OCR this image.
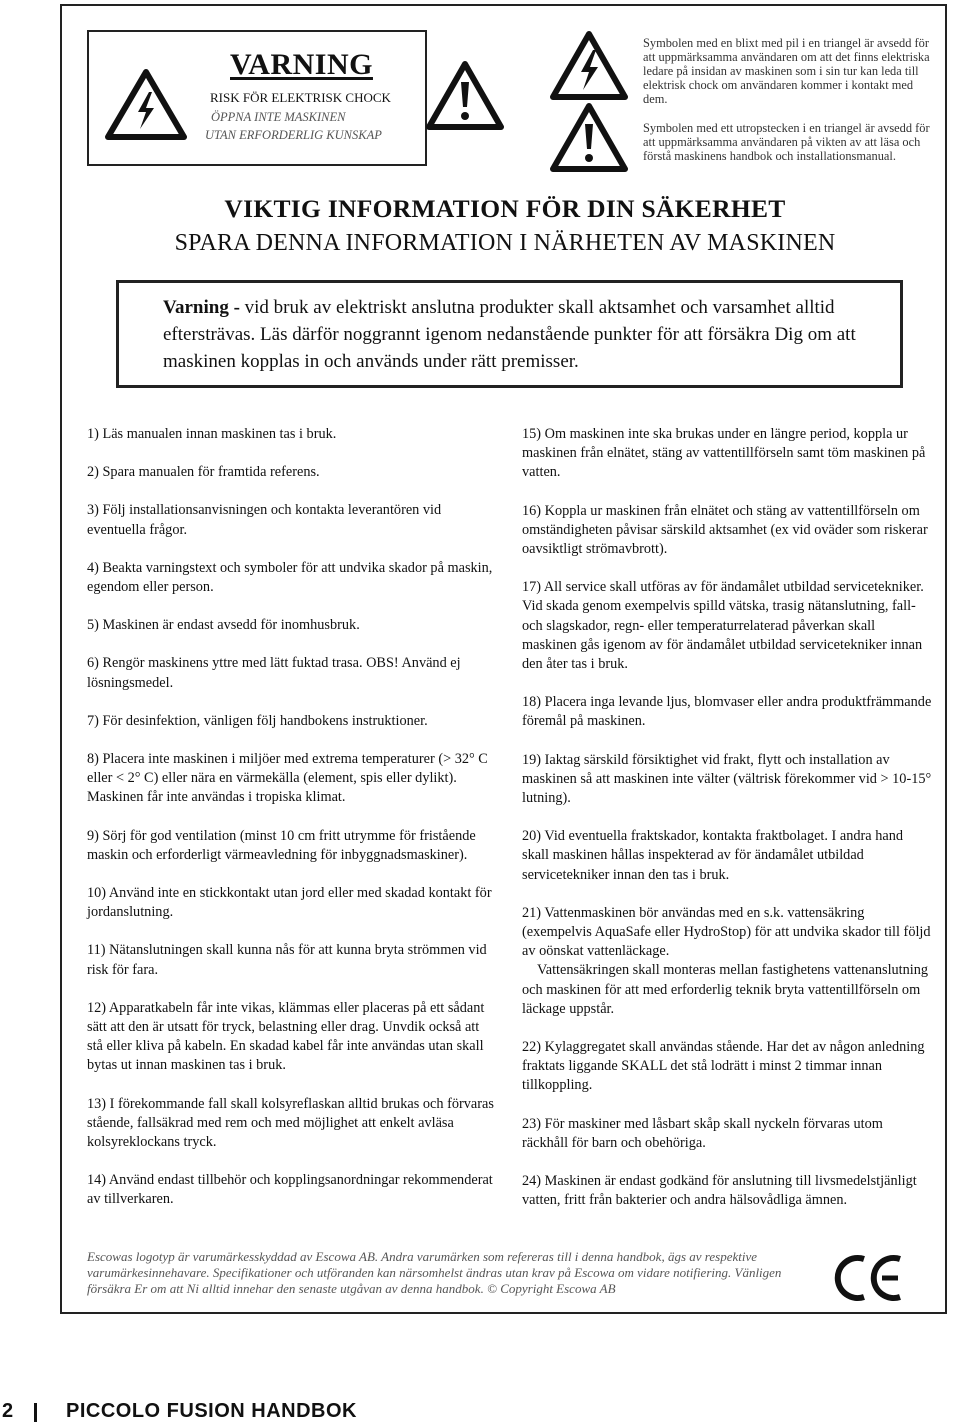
VARNING
RISK FÖR ELEKTRISK CHOCK
ÖPPNA INTE MASKINEN
UTAN ERFORDERLIG KUNSKAP
Symbolen med en blixt med pil i en triangel är avsedd för att uppmärksamma användaren om att det finns elektriska ledare på insidan av maskinen som i sin tur kan leda till elektrisk chock om användaren kommer i kontakt med dem.
Symbolen med ett utropstecken i en triangel är avsedd för att uppmärksamma användaren på vikten av att läsa och förstå maskinens handbok och installationsmanual.
VIKTIG INFORMATION FÖR DIN SÄKERHET
SPARA DENNA INFORMATION I NÄRHETEN AV MASKINEN
Varning - vid bruk av elektriskt anslutna produkter skall aktsamhet och varsamhet alltid eftersträvas. Läs därför noggrannt igenom nedanstående punkter för att försäkra Dig om att maskinen kopplas in och används under rätt premisser.

1) Läs manualen innan maskinen tas i bruk.

2) Spara manualen för framtida referens.

3) Följ installationsanvisningen och kontakta leverantören vid eventuella frågor.

4) Beakta varningstext och symboler för att undvika skador på maskin, egendom eller person.

5) Maskinen är endast avsedd för inomhusbruk.

6) Rengör maskinens yttre med lätt fuktad trasa. OBS! Använd ej lösningsmedel.

7) För desinfektion, vänligen följ handbokens instruktioner.

8) Placera inte maskinen i miljöer med extrema temperaturer (> 32° C eller < 2° C) eller nära en värmekälla (element, spis eller dylikt). Maskinen får inte användas i tropiska klimat.

9) Sörj för god ventilation (minst 10 cm fritt utrymme för fristående maskin och erforderligt värmeavledning för inbyggnadsmaskiner).

10) Använd inte en stickkontakt utan jord eller med skadad kontakt för jordanslutning.

11) Nätanslutningen skall kunna nås för att kunna bryta strömmen vid risk för fara.

12) Apparatkabeln får inte vikas, klämmas eller placeras på ett sådant sätt att den är utsatt för tryck, belastning eller drag. Unvdik också att stå eller kliva på kabeln. En skadad kabel får inte användas utan skall bytas ut innan maskinen tas i bruk.

13) I förekommande fall skall kolsyreflaskan alltid brukas och förvaras stående, fallsäkrad med rem och med möjlighet att enkelt avläsa kolsyreklockans tryck.

14) Använd endast tillbehör och kopplingsanordningar rekommenderat av tillverkaren.

15) Om maskinen inte ska brukas under en längre period, koppla ur maskinen från elnätet, stäng av vattentillförseln samt töm maskinen på vatten.

16) Koppla ur maskinen från elnätet och stäng av vattentillförseln om omständigheten påvisar särskild aktsamhet (ex vid oväder som riskerar oavsiktligt strömavbrott).

17) All service skall utföras av för ändamålet utbildad servicetekniker. Vid skada genom exempelvis spilld vätska, trasig nätanslutning, fall- och slagskador, regn- eller temperaturrelaterad påverkan skall maskinen gås igenom av för ändamålet utbildad servicetekniker innan den åter tas i bruk.

18) Placera inga levande ljus, blomvaser eller andra produktfrämmande föremål på maskinen.

19) Iaktag särskild försiktighet vid frakt, flytt och installation av maskinen så att maskinen inte välter (vältrisk förekommer vid > 10-15° lutning).

20) Vid eventuella fraktskador, kontakta fraktbolaget. I andra hand skall maskinen hållas inspekterad av för ändamålet utbildad servicetekniker innan den tas i bruk.

21) Vattenmaskinen bör användas med en s.k. vattensäkring (exempelvis AquaSafe eller HydroStop) för att undvika skador till följd av oönskat vattenläckage.

Vattensäkringen skall monteras mellan fastighetens vattenanslutning och maskinen för att med erforderlig teknik bryta vattentillförseln om läckage uppstår.

22) Kylaggregatet skall användas stående. Har det av någon anledning fraktats liggande SKALL det stå lodrätt i minst 2 timmar innan tillkoppling.

23) För maskiner med låsbart skåp skall nyckeln förvaras utom räckhåll för barn och obehöriga.

24) Maskinen är endast godkänd för anslutning till livsmedelstjänligt vatten, fritt från bakterier och andra hälsovådliga ämnen.

Escowas logotyp är varumärkesskyddad av Escowa AB. Andra varumärken som refereras till i denna handbok, ägs av respektive varumärkesinnehavare. Specifikationer och utföranden kan närsomhelst ändras utan krav på Escowa om vidare notifiering. Vänligen försäkra Er om att Ni alltid innehar den senaste utgåvan av denna handbok. © Copyright Escowa AB
2	PICCOLO FUSION HANDBOK
